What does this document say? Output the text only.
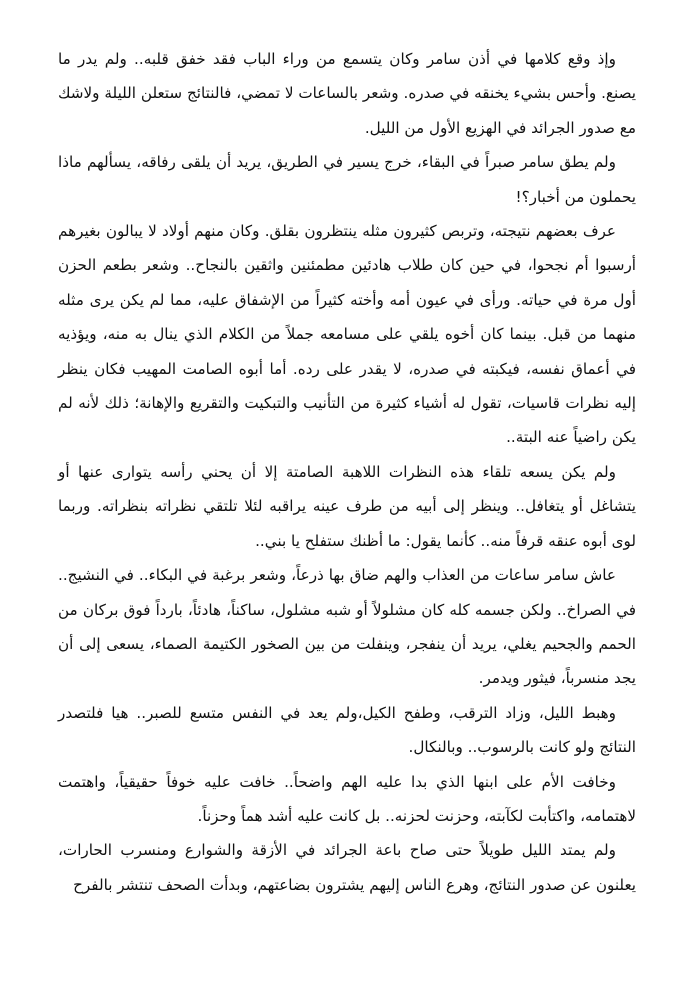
وإذ وقع كلامها في أذن سامر وكان يتسمع من وراء الباب فقد خفق قلبه.. ولم يدر ما يصنع. وأحس بشيء يخنقه في صدره. وشعر بالساعات لا تمضي، فالنتائج ستعلن الليلة ولاشك مع صدور الجرائد في الهزيع الأول من الليل.

ولم يطق سامر صبراً في البقاء، خرج يسير في الطريق، يريد أن يلقى رفاقه، يسألهم ماذا يحملون من أخبار؟!

عرف بعضهم نتيجته، وتربص كثيرون مثله ينتظرون بقلق. وكان منهم أولاد لا يبالون بغيرهم أرسبوا أم نجحوا، في حين كان طلاب هادئين مطمئنين واثقين بالنجاح.. وشعر بطعم الحزن أول مرة في حياته. ورأى في عيون أمه وأخته كثيراً من الإشفاق عليه، مما لم يكن يرى مثله منهما من قبل. بينما كان أخوه يلقي على مسامعه جملاً من الكلام الذي ينال به منه، ويؤذيه في أعماق نفسه، فيكبته في صدره، لا يقدر على رده. أما أبوه الصامت المهيب فكان ينظر إليه نظرات قاسيات، تقول له أشياء كثيرة من التأنيب والتبكيت والتقريع والإهانة؛ ذلك لأنه لم يكن راضياً عنه البتة..

ولم يكن يسعه تلقاء هذه النظرات اللاهبة الصامتة إلا أن يحني رأسه يتوارى عنها أو يتشاغل أو يتغافل.. وينظر إلى أبيه من طرف عينه يراقبه لئلا تلتقي نظراته بنظراته. وربما لوى أبوه عنقه قرفاً منه.. كأنما يقول: ما أظنك ستفلح يا بني..

عاش سامر ساعات من العذاب والهم ضاق بها ذرعاً، وشعر برغبة في البكاء.. في النشيج.. في الصراخ.. ولكن جسمه كله كان مشلولاً أو شبه مشلول، ساكناً، هادئاً، بارداً فوق بركان من الحمم والجحيم يغلي، يريد أن ينفجر، وينفلت من بين الصخور الكتيمة الصماء، يسعى إلى أن يجد منسرباً، فيثور ويدمر.

وهبط الليل، وزاد الترقب، وطفح الكيل،ولم يعد في النفس متسع للصبر.. هيا فلتصدر النتائج ولو كانت بالرسوب.. وبالنكال.

وخافت الأم على ابنها الذي بدا عليه الهم واضحاً.. خافت عليه خوفاً حقيقياً، واهتمت لاهتمامه، واكتأبت لكآبته، وحزنت لحزنه.. بل كانت عليه أشد هماً وحزناً.

ولم يمتد الليل طويلاً حتى صاح باعة الجرائد في الأزقة والشوارع ومنسرب الحارات، يعلنون عن صدور النتائج، وهرع الناس إليهم يشترون بضاعتهم، وبدأت الصحف تنتشر بالفرح
